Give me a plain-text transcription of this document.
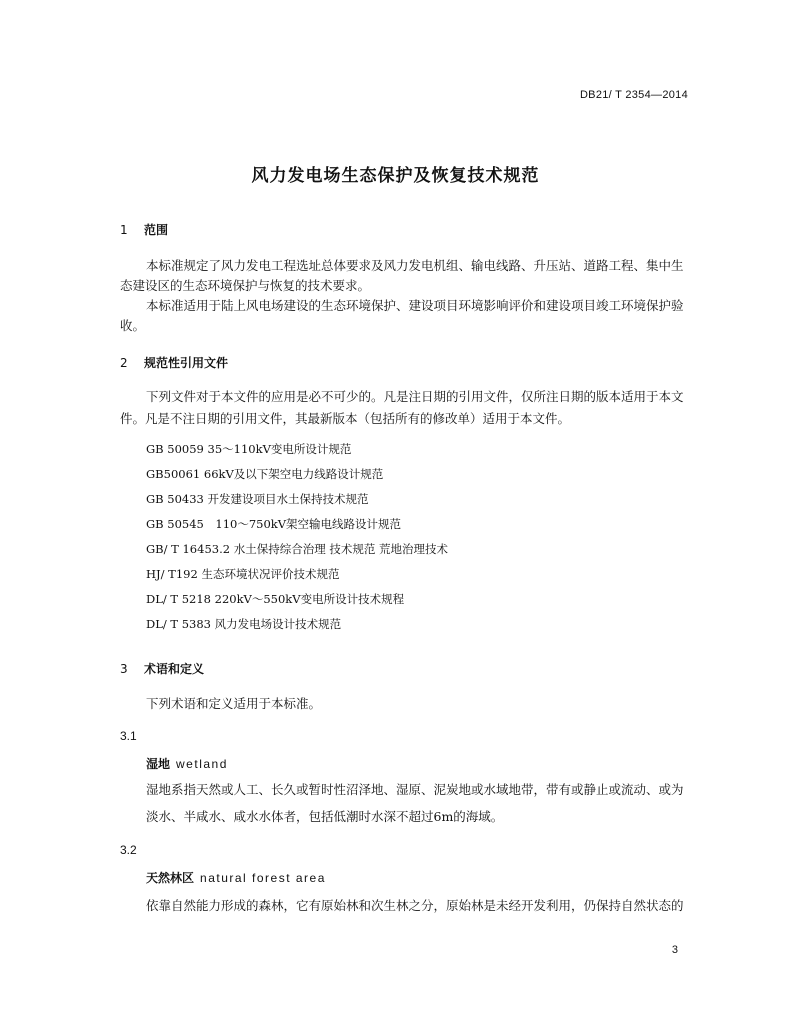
DB21/ T 2354—2014
风力发电场生态保护及恢复技术规范
1 范围

本标准规定了风力发电工程选址总体要求及风力发电机组、输电线路、升压站、道路工程、集中生态建设区的生态环境保护与恢复的技术要求。

本标准适用于陆上风电场建设的生态环境保护、建设项目环境影响评价和建设项目竣工环境保护验收。

2 规范性引用文件

下列文件对于本文件的应用是必不可少的。凡是注日期的引用文件，仅所注日期的版本适用于本文件。凡是不注日期的引用文件，其最新版本（包括所有的修改单）适用于本文件。

GB 50059 35～110kV变电所设计规范
GB50061 66kV及以下架空电力线路设计规范
GB 50433 开发建设项目水土保持技术规范
GB 50545　110～750kV架空输电线路设计规范
GB/ T 16453.2 水土保持综合治理 技术规范 荒地治理技术
HJ/ T192 生态环境状况评价技术规范
DL/ T 5218 220kV～550kV变电所设计技术规程
DL/ T 5383 风力发电场设计技术规范
3 术语和定义

下列术语和定义适用于本标准。

3.1
湿地 wetland
湿地系指天然或人工、长久或暂时性沼泽地、湿原、泥炭地或水域地带，带有或静止或流动、或为淡水、半咸水、咸水水体者，包括低潮时水深不超过6m的海域。
3.2
天然林区 natural forest area
依靠自然能力形成的森林，它有原始林和次生林之分，原始林是未经开发利用，仍保持自然状态的
3
